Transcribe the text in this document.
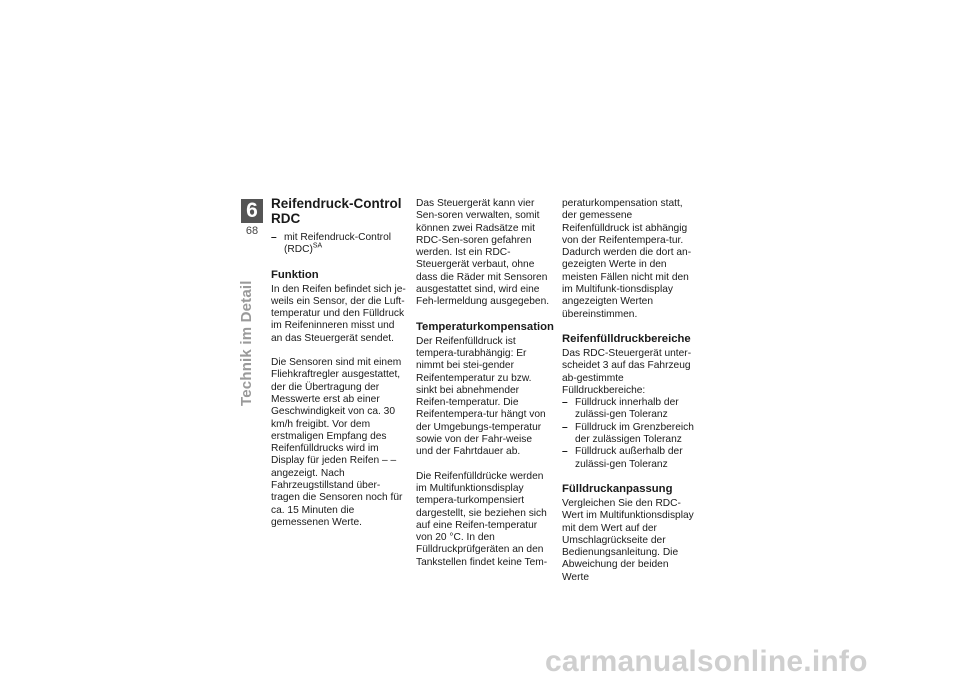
6
68
Technik im Detail
Reifendruck-Control RDC

– mit Reifendruck-Control (RDC)$^{SA}$

Funktion

In den Reifen befindet sich je-weils ein Sensor, der die Luft-temperatur und den Fülldruck im Reifeninneren misst und an das Steuergerät sendet.

Die Sensoren sind mit einem Fliehkraftregler ausgestattet, der die Übertragung der Messwerte erst ab einer Geschwindigkeit von ca. 30 km/h freigibt. Vor dem erstmaligen Empfang des Reifenfülldrucks wird im Display für jeden Reifen – – angezeigt. Nach Fahrzeugstillstand über-tragen die Sensoren noch für ca. 15 Minuten die gemessenen Werte.

Das Steuergerät kann vier Sen-soren verwalten, somit können zwei Radsätze mit RDC-Sen-soren gefahren werden. Ist ein RDC-Steuergerät verbaut, ohne dass die Räder mit Sensoren ausgestattet sind, wird eine Feh-lermeldung ausgegeben.

Temperaturkompensation

Der Reifenfülldruck ist tempera-turabhängig: Er nimmt bei stei-gender Reifentemperatur zu bzw. sinkt bei abnehmender Reifen-temperatur. Die Reifentempera-tur hängt von der Umgebungs-temperatur sowie von der Fahr-weise und der Fahrtdauer ab.

Die Reifenfülldrücke werden im Multifunktionsdisplay tempera-turkompensiert dargestellt, sie beziehen sich auf eine Reifen-temperatur von 20 °C. In den Fülldruckprüfgeräten an den Tankstellen findet keine Tem-

peraturkompensation statt, der gemessene Reifenfülldruck ist abhängig von der Reifentempera-tur. Dadurch werden die dort an-gezeigten Werte in den meisten Fällen nicht mit den im Multifunk-tionsdisplay angezeigten Werten übereinstimmen.

Reifenfülldruckbereiche

Das RDC-Steuergerät unter-scheidet 3 auf das Fahrzeug ab-gestimmte Fülldruckbereiche:

– Fülldruck innerhalb der zulässi-gen Toleranz

– Fülldruck im Grenzbereich der zulässigen Toleranz

– Fülldruck außerhalb der zulässi-gen Toleranz

Fülldruckanpassung

Vergleichen Sie den RDC-Wert im Multifunktionsdisplay mit dem Wert auf der Umschlagrückseite der Bedienungsanleitung. Die Abweichung der beiden Werte

carmanualsonline.info
